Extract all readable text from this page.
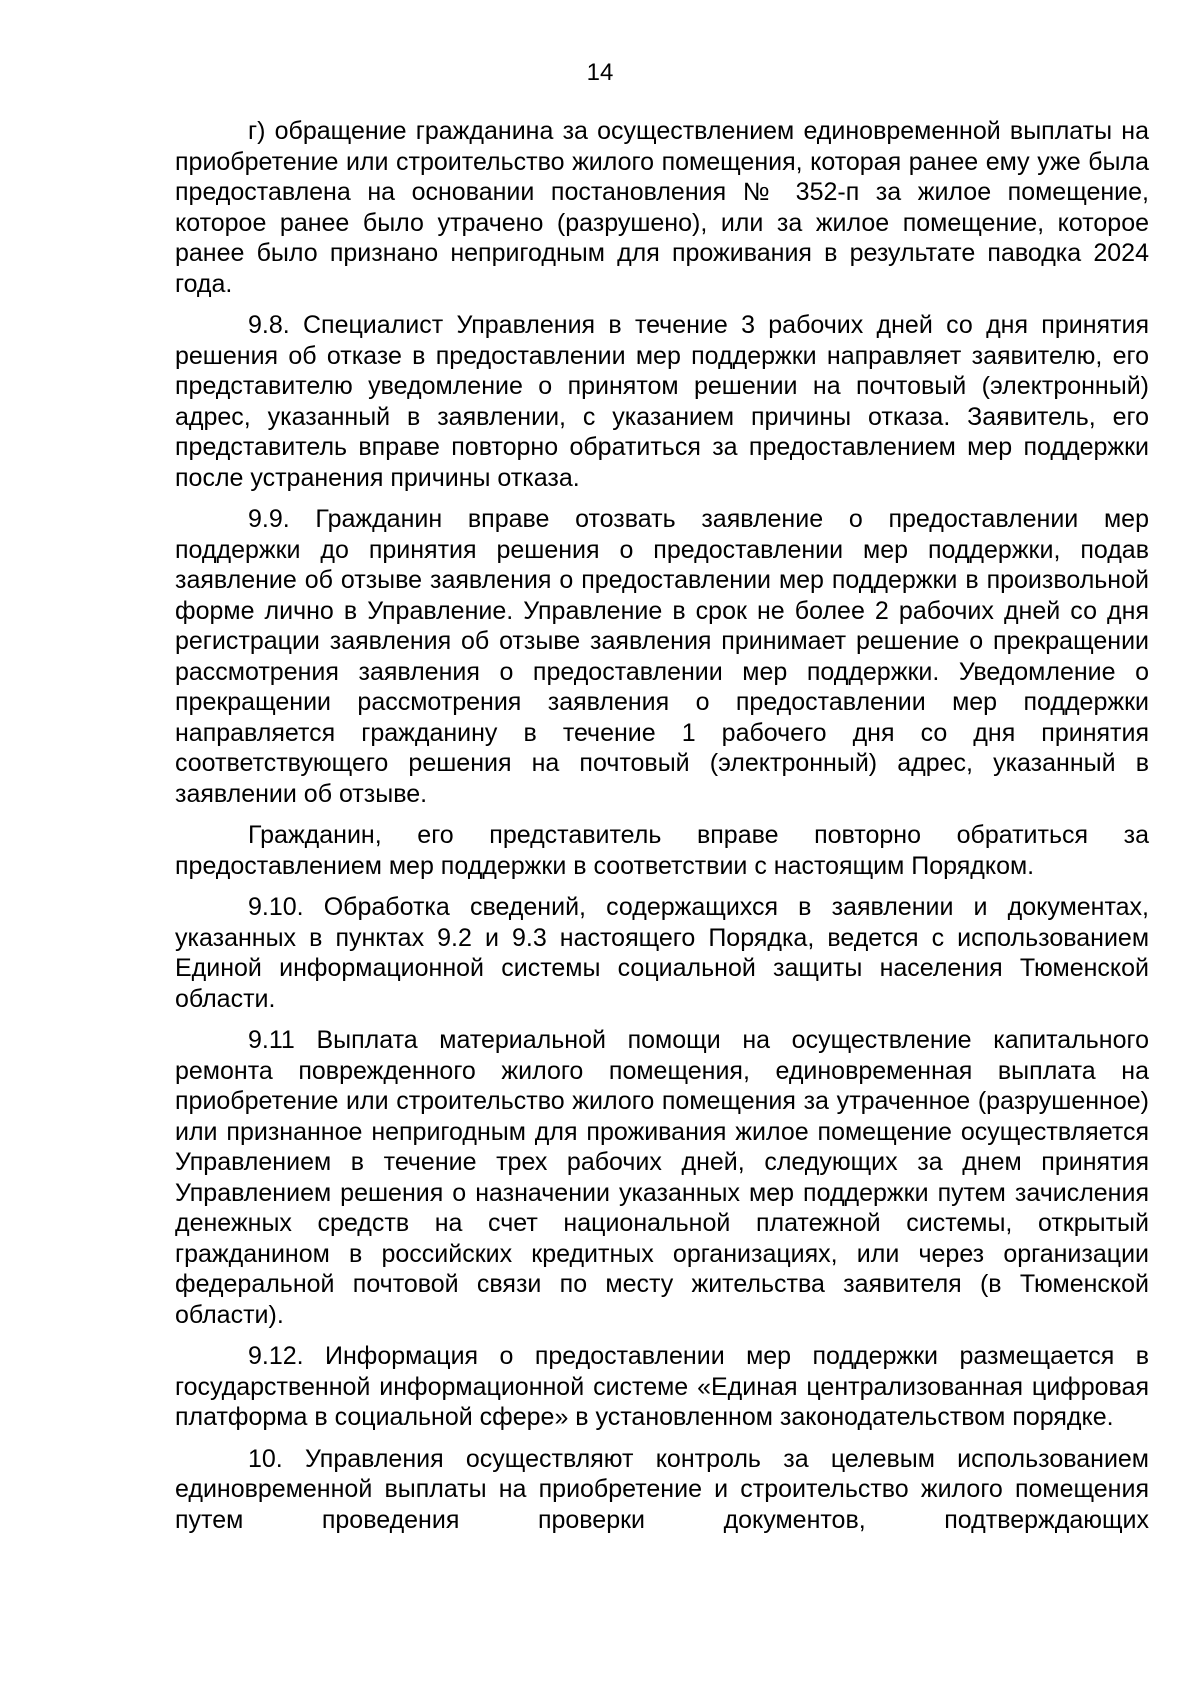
14

г) обращение гражданина за осуществлением единовременной выплаты на приобретение или строительство жилого помещения, которая ранее ему уже была предоставлена на основании постановления № 352-п за жилое помещение, которое ранее было утрачено (разрушено), или за жилое помещение, которое ранее было признано непригодным для проживания в результате паводка 2024 года.

9.8. Специалист Управления в течение 3 рабочих дней со дня принятия решения об отказе в предоставлении мер поддержки направляет заявителю, его представителю уведомление о принятом решении на почтовый (электронный) адрес, указанный в заявлении, с указанием причины отказа. Заявитель, его представитель вправе повторно обратиться за предоставлением мер поддержки после устранения причины отказа.

9.9. Гражданин вправе отозвать заявление о предоставлении мер поддержки до принятия решения о предоставлении мер поддержки, подав заявление об отзыве заявления о предоставлении мер поддержки в произвольной форме лично в Управление. Управление в срок не более 2 рабочих дней со дня регистрации заявления об отзыве заявления принимает решение о прекращении рассмотрения заявления о предоставлении мер поддержки. Уведомление о прекращении рассмотрения заявления о предоставлении мер поддержки направляется гражданину в течение 1 рабочего дня со дня принятия соответствующего решения на почтовый (электронный) адрес, указанный в заявлении об отзыве.

Гражданин, его представитель вправе повторно обратиться за предоставлением мер поддержки в соответствии с настоящим Порядком.

9.10. Обработка сведений, содержащихся в заявлении и документах, указанных в пунктах 9.2 и 9.3 настоящего Порядка, ведется с использованием Единой информационной системы социальной защиты населения Тюменской области.

9.11 Выплата материальной помощи на осуществление капитального ремонта поврежденного жилого помещения, единовременная выплата на приобретение или строительство жилого помещения за утраченное (разрушенное) или признанное непригодным для проживания жилое помещение осуществляется Управлением в течение трех рабочих дней, следующих за днем принятия Управлением решения о назначении указанных мер поддержки путем зачисления денежных средств на счет национальной платежной системы, открытый гражданином в российских кредитных организациях, или через организации федеральной почтовой связи по месту жительства заявителя (в Тюменской области).

9.12. Информация о предоставлении мер поддержки размещается в государственной информационной системе «Единая централизованная цифровая платформа в социальной сфере» в установленном законодательством порядке.

10. Управления осуществляют контроль за целевым использованием единовременной выплаты на приобретение и строительство жилого помещения путем проведения проверки документов, подтверждающих
